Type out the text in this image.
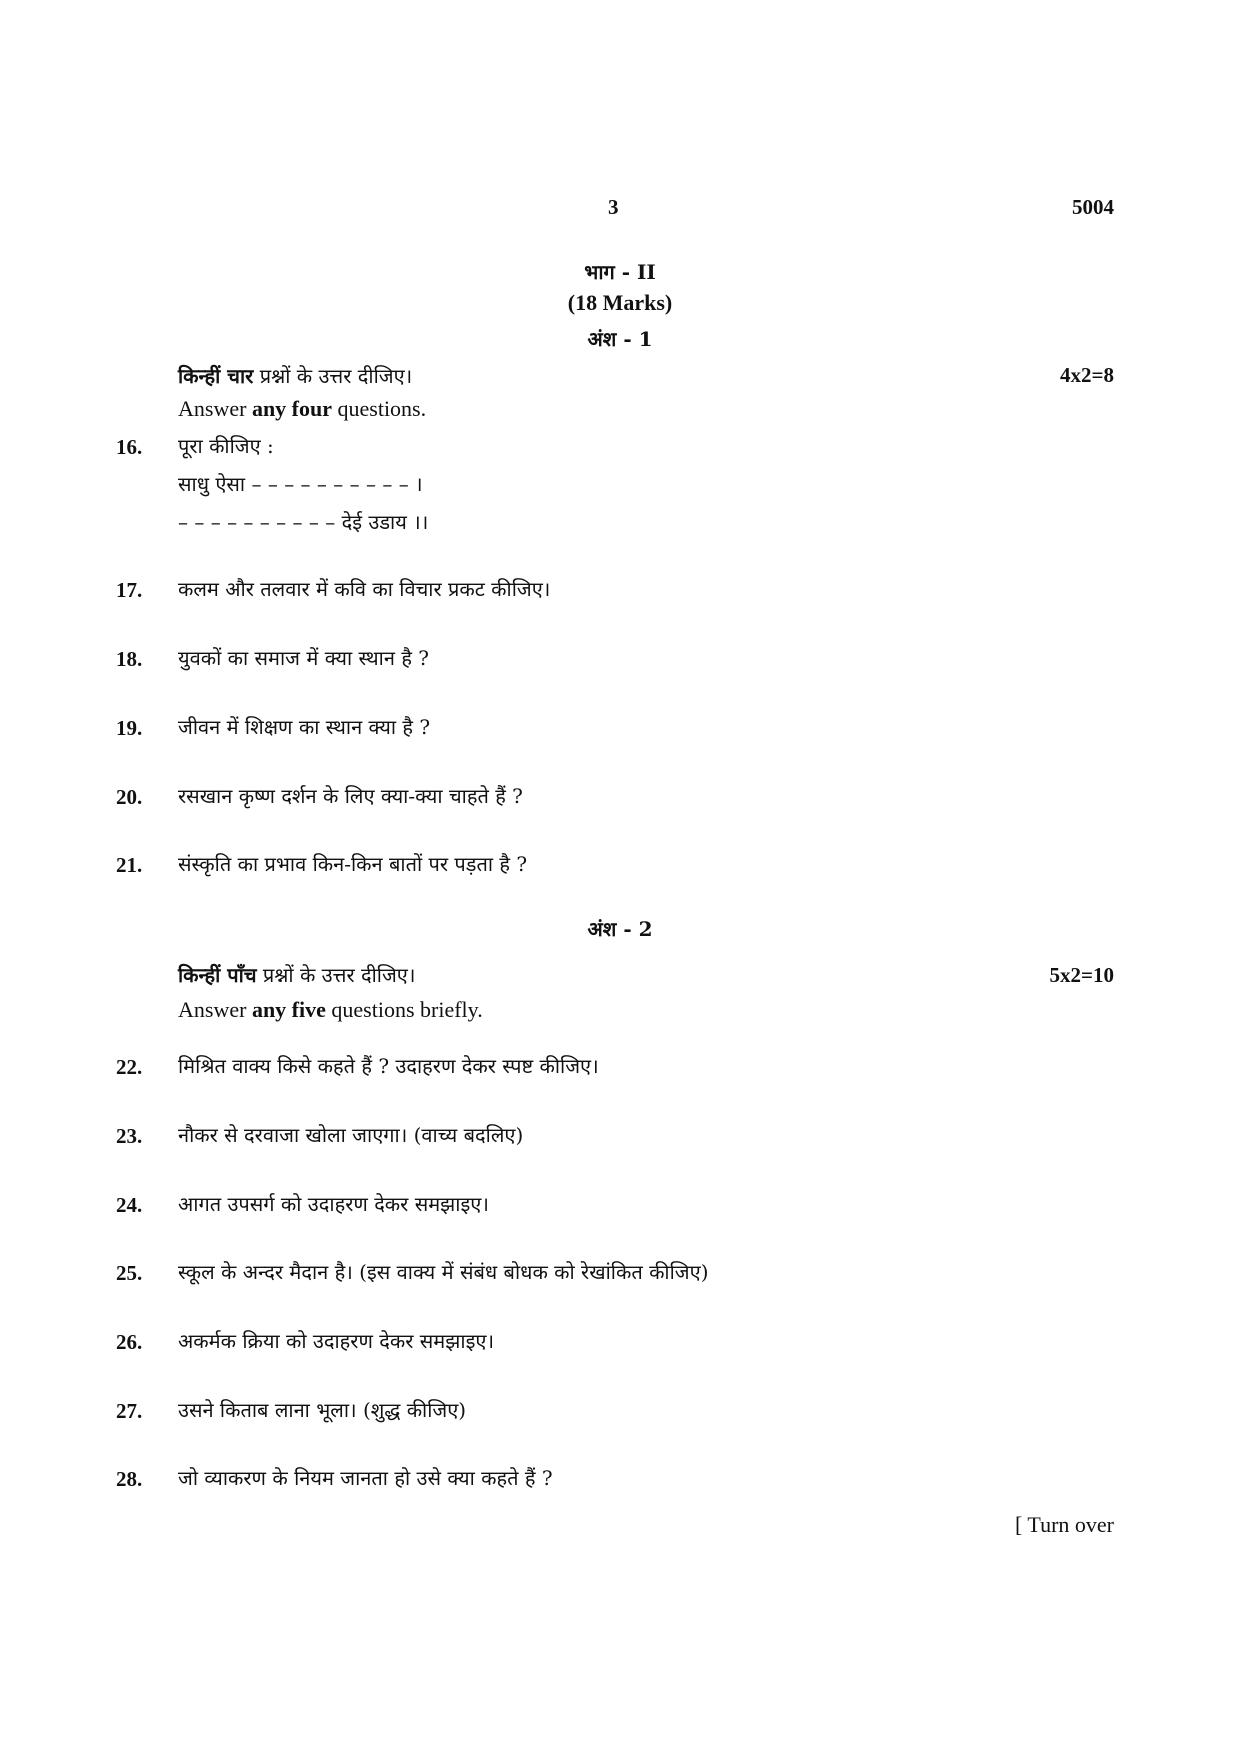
3	5004
भाग - II
(18 Marks)
अंश - 1
किन्हीं चार प्रश्नों के उत्तर दीजिए।	4x2=8
Answer any four questions.
16.	पूरा कीजिए :
साधु ऐसा – – – – – – – – – – ।
– – – – – – – – – – देई उडाय ।।
17.	कलम और तलवार में कवि का विचार प्रकट कीजिए।
18.	युवकों का समाज में क्या स्थान है ?
19.	जीवन में शिक्षण का स्थान क्या है ?
20.	रसखान कृष्ण दर्शन के लिए क्या-क्या चाहते हैं ?
21.	संस्कृति का प्रभाव किन-किन बातों पर पड़ता है ?
अंश - 2
किन्हीं पाँच प्रश्नों के उत्तर दीजिए।	5x2=10
Answer any five questions briefly.
22.	मिश्रित वाक्य किसे कहते हैं ? उदाहरण देकर स्पष्ट कीजिए।
23.	नौकर से दरवाजा खोला जाएगा। (वाच्य बदलिए)
24.	आगत उपसर्ग को उदाहरण देकर समझाइए।
25.	स्कूल के अन्दर मैदान है। (इस वाक्य में संबंध बोधक को रेखांकित कीजिए)
26.	अकर्मक क्रिया को उदाहरण देकर समझाइए।
27.	उसने किताब लाना भूला। (शुद्ध कीजिए)
28.	जो व्याकरण के नियम जानता हो उसे क्या कहते हैं ?
[ Turn over
